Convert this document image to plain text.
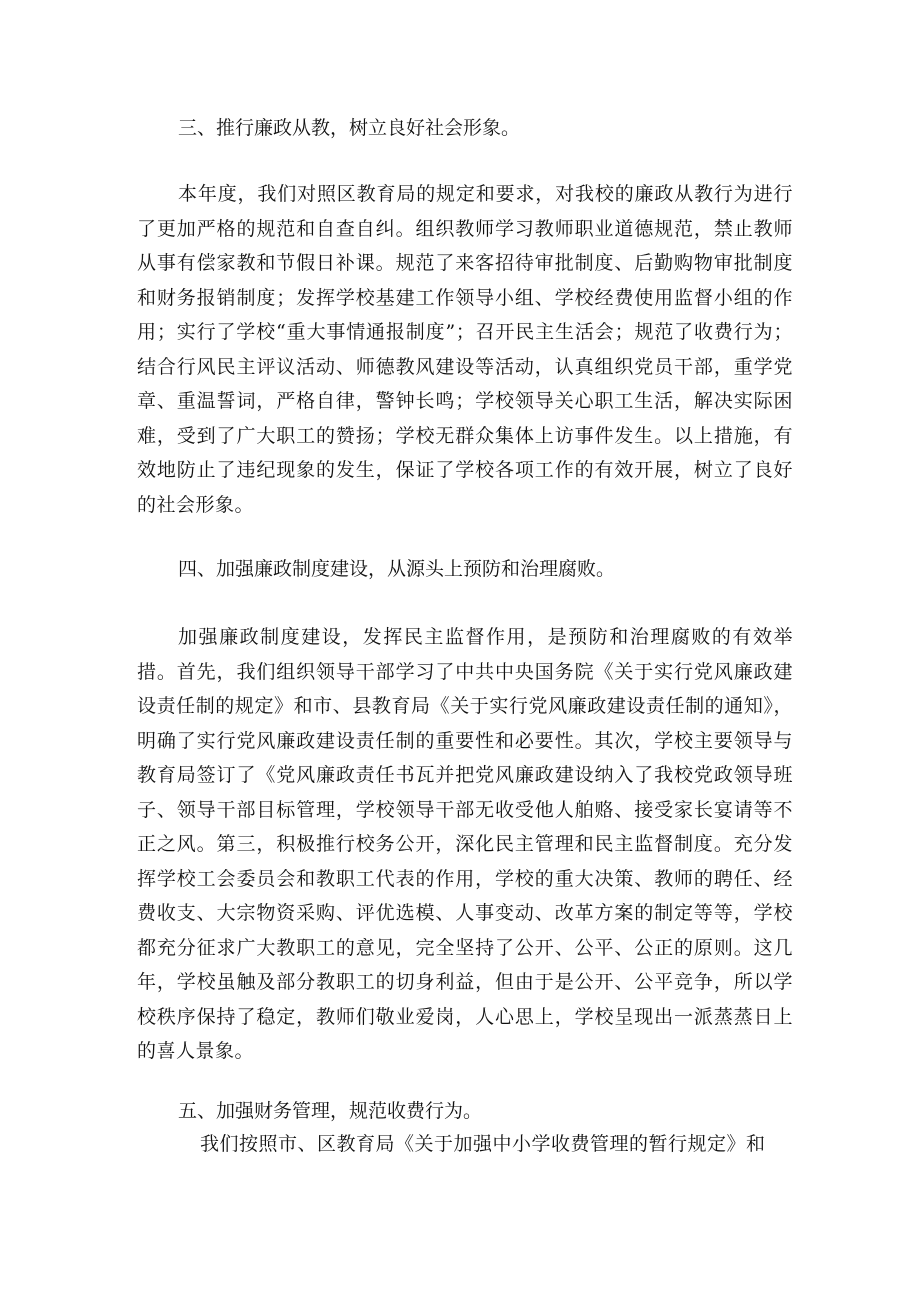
三、推行廉政从教，树立良好社会形象。

本年度，我们对照区教育局的规定和要求，对我校的廉政从教行为进行了更加严格的规范和自查自纠。组织教师学习教师职业道德规范，禁止教师从事有偿家教和节假日补课。规范了来客招待审批制度、后勤购物审批制度和财务报销制度；发挥学校基建工作领导小组、学校经费使用监督小组的作用；实行了学校“重大事情通报制度”；召开民主生活会；规范了收费行为；结合行风民主评议活动、师德教风建设等活动，认真组织党员干部，重学党章、重温誓词，严格自律，警钟长鸣；学校领导关心职工生活，解决实际困难，受到了广大职工的赞扬；学校无群众集体上访事件发生。以上措施，有效地防止了违纪现象的发生，保证了学校各项工作的有效开展，树立了良好的社会形象。

四、加强廉政制度建设，从源头上预防和治理腐败。

加强廉政制度建设，发挥民主监督作用，是预防和治理腐败的有效举措。首先，我们组织领导干部学习了中共中央国务院《关于实行党风廉政建设责任制的规定》和市、县教育局《关于实行党风廉政建设责任制的通知》，明确了实行党风廉政建设责任制的重要性和必要性。其次，学校主要领导与教育局签订了《党风廉政责任书瓦并把党风廉政建设纳入了我校党政领导班子、领导干部目标管理，学校领导干部无收受他人舶赂、接受家长宴请等不正之风。第三，积极推行校务公开，深化民主管理和民主监督制度。充分发挥学校工会委员会和教职工代表的作用，学校的重大决策、教师的聘任、经费收支、大宗物资采购、评优选模、人事变动、改革方案的制定等等，学校都充分征求广大教职工的意见，完全坚持了公开、公平、公正的原则。这几年，学校虽触及部分教职工的切身利益，但由于是公开、公平竞争，所以学校秩序保持了稳定，教师们敬业爱岗，人心思上，学校呈现出一派蒸蒸日上的喜人景象。

五、加强财务管理，规范收费行为。

我们按照市、区教育局《关于加强中小学收费管理的暂行规定》和
